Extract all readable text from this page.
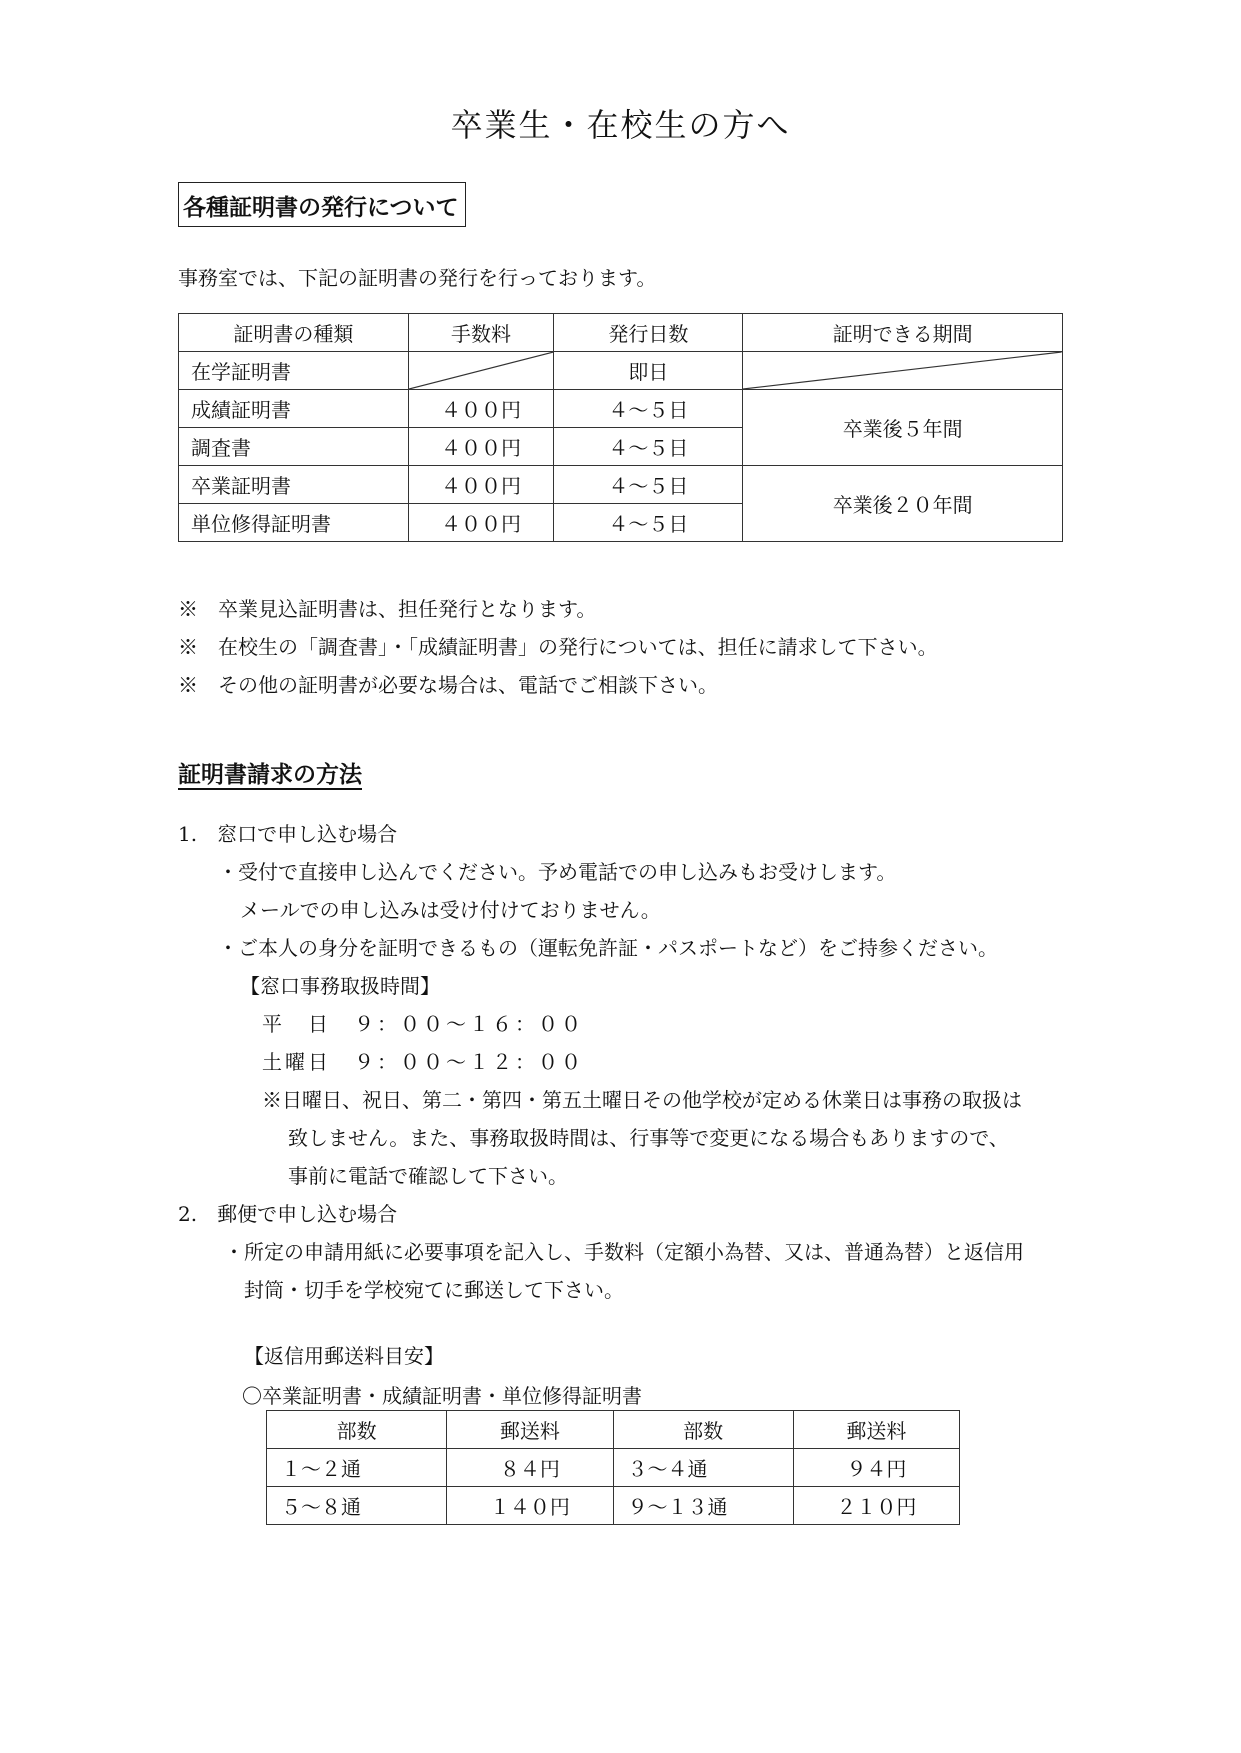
卒業生・在校生の方へ
各種証明書の発行について
事務室では、下記の証明書の発行を行っております。
証明書の種類	手数料	発行日数	証明できる期間
在学証明書		即日	

成績証明書	４００円	４～５日	卒業後５年間
調査書	４００円	４～５日	
卒業証明書	４００円	４～５日	卒業後２０年間
単位修得証明書	４００円	４～５日	
※　卒業見込証明書は、担任発行となります。
※　在校生の「調査書」・「成績証明書」の発行については、担任に請求して下さい。
※　その他の証明書が必要な場合は、電話でご相談下さい。
証明書請求の方法
1.　窓口で申し込む場合
・受付で直接申し込んでください。予め電話での申し込みもお受けします。
メールでの申し込みは受け付けておりません。
・ご本人の身分を証明できるもの（運転免許証・パスポートなど）をご持参ください。
【窓口事務取扱時間】
平　日　９：００～１６：００
土曜日　９：００～１２：００
※日曜日、祝日、第二・第四・第五土曜日その他学校が定める休業日は事務の取扱は
致しません。また、事務取扱時間は、行事等で変更になる場合もありますので、
事前に電話で確認して下さい。
2.　郵便で申し込む場合
・所定の申請用紙に必要事項を記入し、手数料（定額小為替、又は、普通為替）と返信用
封筒・切手を学校宛てに郵送して下さい。
【返信用郵送料目安】
〇卒業証明書・成績証明書・単位修得証明書
部数	郵送料	部数	郵送料
１～２通	８４円	３～４通	９４円
５～８通	１４０円	９～１３通	２１０円
